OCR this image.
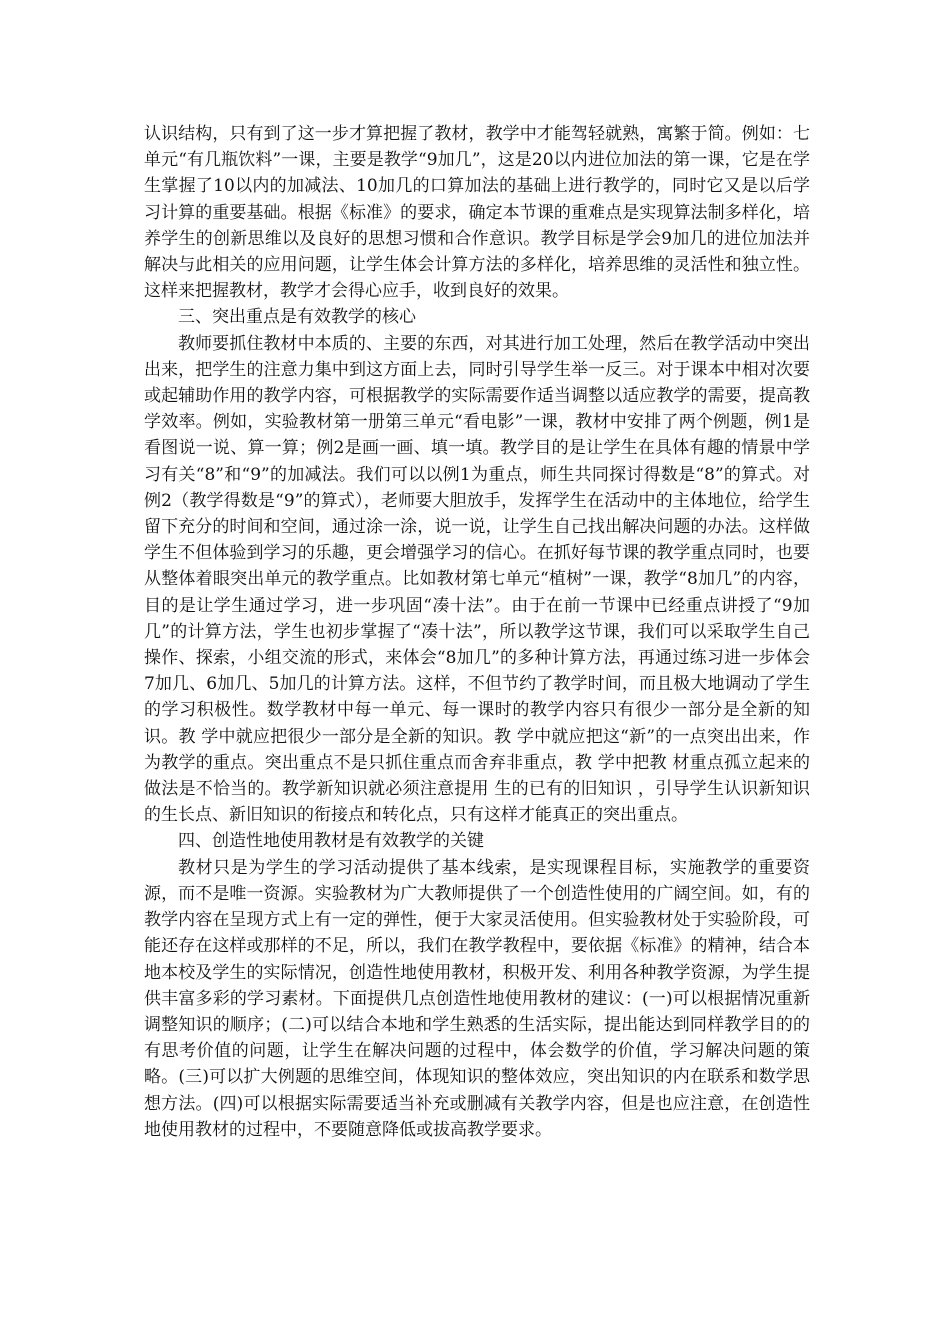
认识结构，只有到了这一步才算把握了教材，教学中才能驾轻就熟，寓繁于简。例如：七单元“有几瓶饮料”一课，主要是教学“9加几”，这是20以内进位加法的第一课，它是在学生掌握了10以内的加减法、10加几的口算加法的基础上进行教学的，同时它又是以后学习计算的重要基础。根据《标准》的要求，确定本节课的重难点是实现算法制多样化，培养学生的创新思维以及良好的思想习惯和合作意识。教学目标是学会9加几的进位加法并解决与此相关的应用问题，让学生体会计算方法的多样化，培养思维的灵活性和独立性。这样来把握教材，教学才会得心应手，收到良好的效果。

三、突出重点是有效教学的核心

教师要抓住教材中本质的、主要的东西，对其进行加工处理，然后在教学活动中突出出来，把学生的注意力集中到这方面上去，同时引导学生举一反三。对于课本中相对次要或起辅助作用的教学内容，可根据教学的实际需要作适当调整以适应教学的需要，提高教学效率。例如，实验教材第一册第三单元“看电影”一课，教材中安排了两个例题，例1是看图说一说、算一算；例2是画一画、填一填。教学目的是让学生在具体有趣的情景中学习有关“8”和“9”的加减法。我们可以以例1为重点，师生共同探讨得数是“8”的算式。对例2（教学得数是“9”的算式），老师要大胆放手，发挥学生在活动中的主体地位，给学生留下充分的时间和空间，通过涂一涂，说一说，让学生自己找出解决问题的办法。这样做学生不但体验到学习的乐趣，更会增强学习的信心。在抓好每节课的教学重点同时，也要从整体着眼突出单元的教学重点。比如教材第七单元“植树”一课，教学“8加几”的内容，目的是让学生通过学习，进一步巩固“凑十法”。由于在前一节课中已经重点讲授了“9加几”的计算方法，学生也初步掌握了“凑十法”，所以教学这节课，我们可以采取学生自己操作、探索，小组交流的形式，来体会“8加几”的多种计算方法，再通过练习进一步体会7加几、6加几、5加几的计算方法。这样，不但节约了教学时间，而且极大地调动了学生的学习积极性。数学教材中每一单元、每一课时的教学内容只有很少一部分是全新的知识。教 学中就应把很少一部分是全新的知识。教 学中就应把这“新”的一点突出出来，作为教学的重点。突出重点不是只抓住重点而舍弃非重点，教 学中把教 材重点孤立起来的做法是不恰当的。教学新知识就必须注意提用 生的已有的旧知识 ，引导学生认识新知识的生长点、新旧知识的衔接点和转化点，只有这样才能真正的突出重点。

四、创造性地使用教材是有效教学的关键

教材只是为学生的学习活动提供了基本线索，是实现课程目标，实施教学的重要资源，而不是唯一资源。实验教材为广大教师提供了一个创造性使用的广阔空间。如，有的教学内容在呈现方式上有一定的弹性，便于大家灵活使用。但实验教材处于实验阶段，可能还存在这样或那样的不足，所以，我们在教学教程中，要依据《标准》的精神，结合本地本校及学生的实际情况，创造性地使用教材，积极开发、利用各种教学资源，为学生提供丰富多彩的学习素材。下面提供几点创造性地使用教材的建议：(一)可以根据情况重新调整知识的顺序；(二)可以结合本地和学生熟悉的生活实际，提出能达到同样教学目的的有思考价值的问题，让学生在解决问题的过程中，体会数学的价值，学习解决问题的策略。(三)可以扩大例题的思维空间，体现知识的整体效应，突出知识的内在联系和数学思想方法。(四)可以根据实际需要适当补充或删减有关教学内容，但是也应注意，在创造性地使用教材的过程中，不要随意降低或拔高教学要求。
